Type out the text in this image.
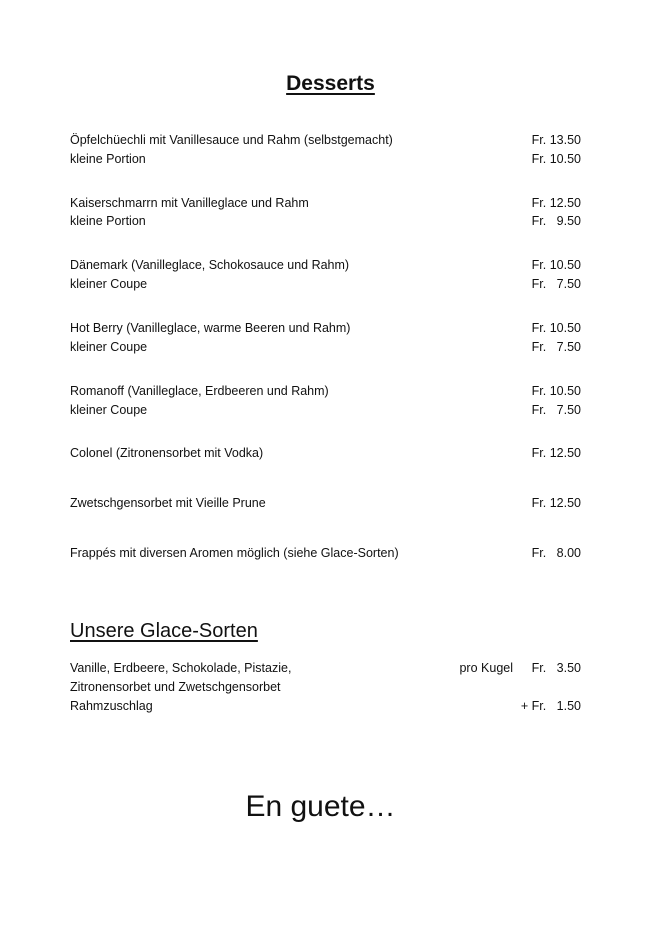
Desserts
Öpfelchüechli mit Vanillesauce und Rahm (selbstgemacht)	Fr. 13.50
kleine Portion	Fr. 10.50
Kaiserschmarrn mit Vanilleglace und Rahm	Fr. 12.50
kleine Portion	Fr.   9.50
Dänemark (Vanilleglace, Schokosauce und Rahm)	Fr. 10.50
kleiner Coupe	Fr.   7.50
Hot Berry (Vanilleglace, warme Beeren und Rahm)	Fr. 10.50
kleiner Coupe	Fr.   7.50
Romanoff (Vanilleglace, Erdbeeren und Rahm)	Fr. 10.50
kleiner Coupe	Fr.   7.50
Colonel (Zitronensorbet mit Vodka)	Fr. 12.50
Zwetschgensorbet mit Vieille Prune	Fr. 12.50
Frappés mit diversen Aromen möglich (siehe Glace-Sorten)	Fr.   8.00
Unsere Glace-Sorten
Vanille, Erdbeere, Schokolade, Pistazie,	pro Kugel Fr.   3.50
Zitronensorbet und Zwetschgensorbet
Rahmzuschlag	+ Fr.   1.50
En guete…
